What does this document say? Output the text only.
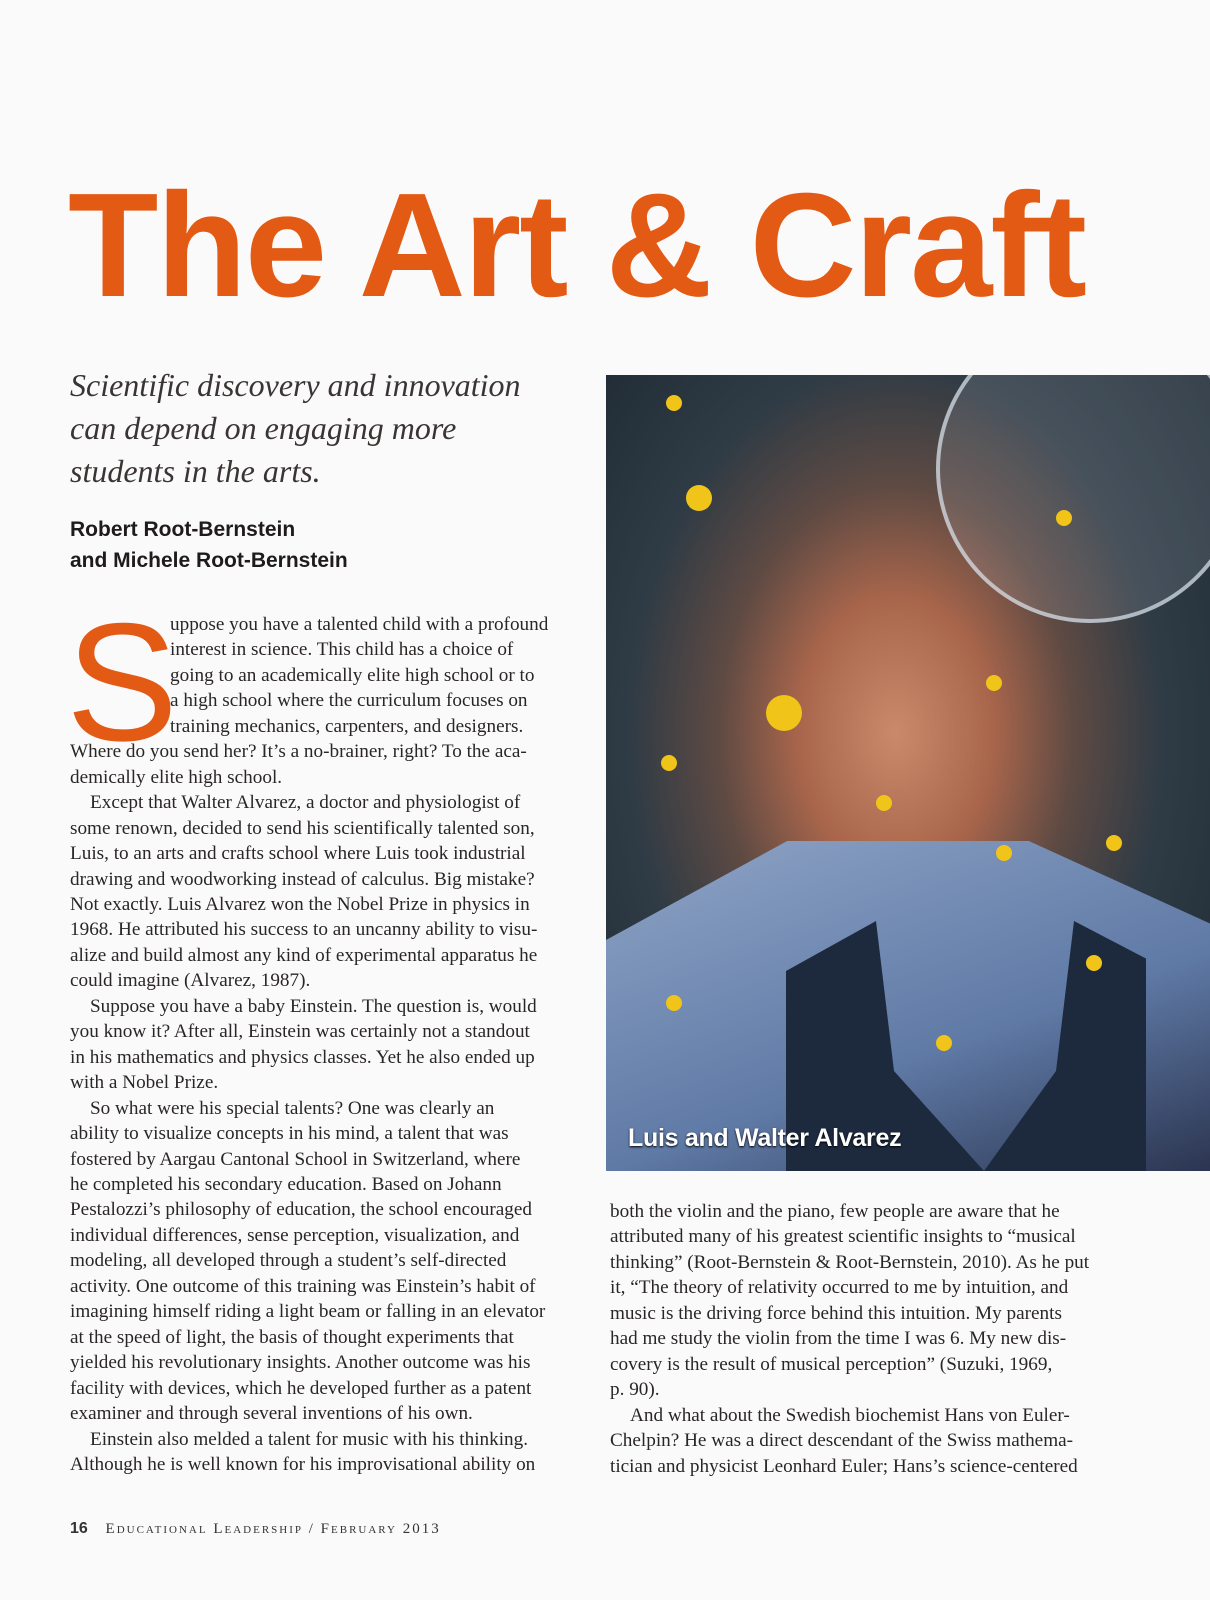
The Art & Craft
Scientific discovery and innovation
can depend on engaging more
students in the arts.
Robert Root-Bernstein
and Michele Root-Bernstein
S
uppose you have a talented child with a profound
interest in science. This child has a choice of
going to an academically elite high school or to
a high school where the curriculum focuses on
training mechanics, carpenters, and designers.
Where do you send her? It’s a no-brainer, right? To the aca-
demically elite high school.
Except that Walter Alvarez, a doctor and physiologist of
some renown, decided to send his scientifically talented son,
Luis, to an arts and crafts school where Luis took industrial
drawing and woodworking instead of calculus. Big mistake?
Not exactly. Luis Alvarez won the Nobel Prize in physics in
1968. He attributed his success to an uncanny ability to visu-
alize and build almost any kind of experimental apparatus he
could imagine (Alvarez, 1987).
Suppose you have a baby Einstein. The question is, would
you know it? After all, Einstein was certainly not a standout
in his mathematics and physics classes. Yet he also ended up
with a Nobel Prize.
So what were his special talents? One was clearly an
ability to visualize concepts in his mind, a talent that was
fostered by Aargau Cantonal School in Switzerland, where
he completed his secondary education. Based on Johann
Pestalozzi’s philosophy of education, the school encouraged
individual differences, sense perception, visualization, and
modeling, all developed through a student’s self-directed
activity. One outcome of this training was Einstein’s habit of
imagining himself riding a light beam or falling in an elevator
at the speed of light, the basis of thought experiments that
yielded his revolutionary insights. Another outcome was his
facility with devices, which he developed further as a patent
examiner and through several inventions of his own.
Einstein also melded a talent for music with his thinking.
Although he is well known for his improvisational ability on
both the violin and the piano, few people are aware that he
attributed many of his greatest scientific insights to “musical
thinking” (Root-Bernstein & Root-Bernstein, 2010). As he put
it, “The theory of relativity occurred to me by intuition, and
music is the driving force behind this intuition. My parents
had me study the violin from the time I was 6. My new dis-
covery is the result of musical perception” (Suzuki, 1969,
p. 90).
And what about the Swedish biochemist Hans von Euler-
Chelpin? He was a direct descendant of the Swiss mathema-
tician and physicist Leonhard Euler; Hans’s science-centered
Luis and Walter Alvarez
16 Educational Leadership / February 2013
